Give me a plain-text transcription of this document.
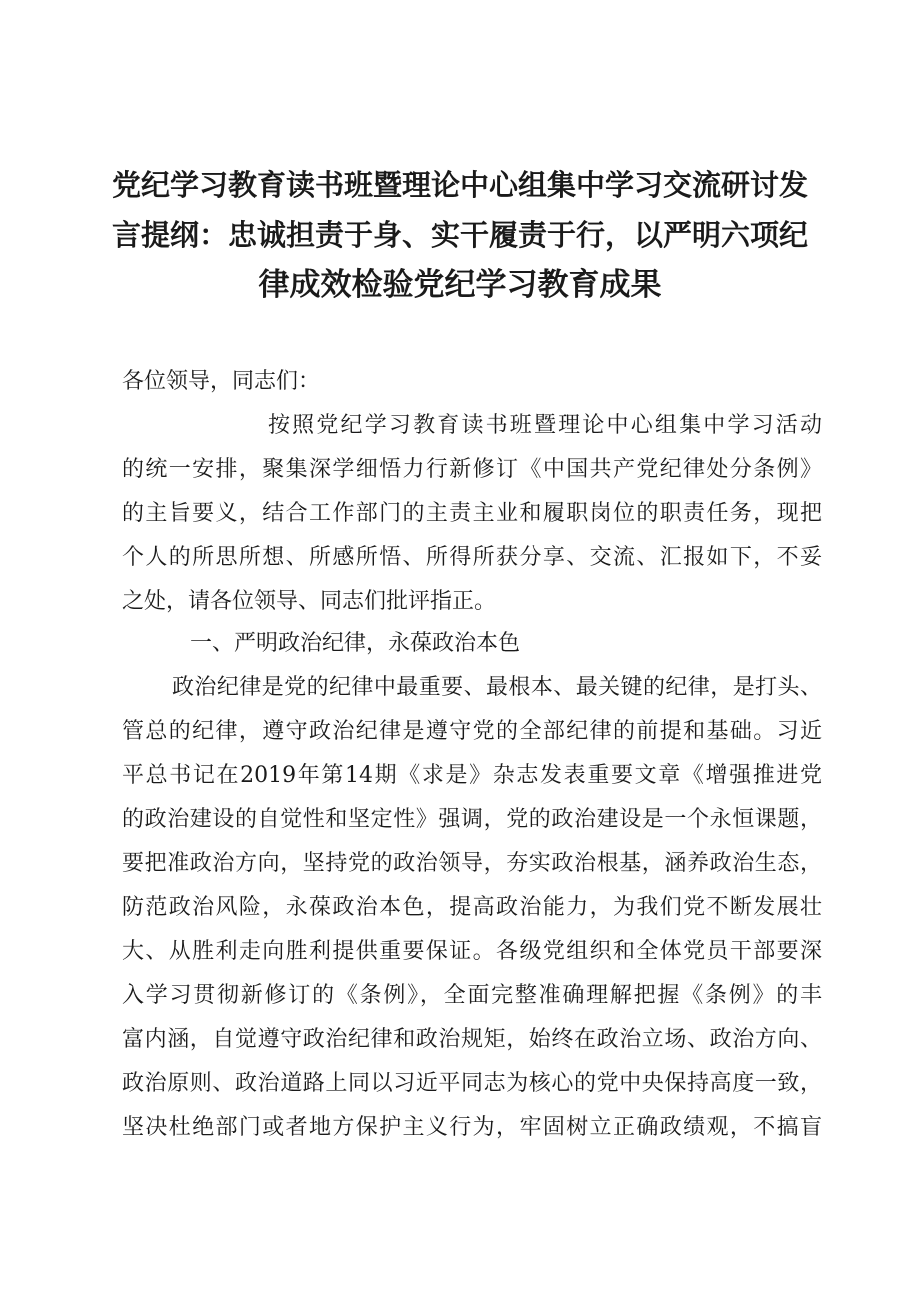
党纪学习教育读书班暨理论中心组集中学习交流研讨发
言提纲：忠诚担责于身、实干履责于行，以严明六项纪
律成效检验党纪学习教育成果
各位领导，同志们：
按照党纪学习教育读书班暨理论中心组集中学习活动
的统一安排，聚集深学细悟力行新修订《中国共产党纪律处分条例》
的主旨要义，结合工作部门的主责主业和履职岗位的职责任务，现把
个人的所思所想、所感所悟、所得所获分享、交流、汇报如下，不妥
之处，请各位领导、同志们批评指正。
一、严明政治纪律，永葆政治本色
政治纪律是党的纪律中最重要、最根本、最关键的纪律，是打头、
管总的纪律，遵守政治纪律是遵守党的全部纪律的前提和基础。习近
平总书记在2019年第14期《求是》杂志发表重要文章《增强推进党
的政治建设的自觉性和坚定性》强调，党的政治建设是一个永恒课题，
要把准政治方向，坚持党的政治领导，夯实政治根基，涵养政治生态，
防范政治风险，永葆政治本色，提高政治能力，为我们党不断发展壮
大、从胜利走向胜利提供重要保证。各级党组织和全体党员干部要深
入学习贯彻新修订的《条例》，全面完整准确理解把握《条例》的丰
富内涵，自觉遵守政治纪律和政治规矩，始终在政治立场、政治方向、
政治原则、政治道路上同以习近平同志为核心的党中央保持高度一致，
坚决杜绝部门或者地方保护主义行为，牢固树立正确政绩观，不搞盲
